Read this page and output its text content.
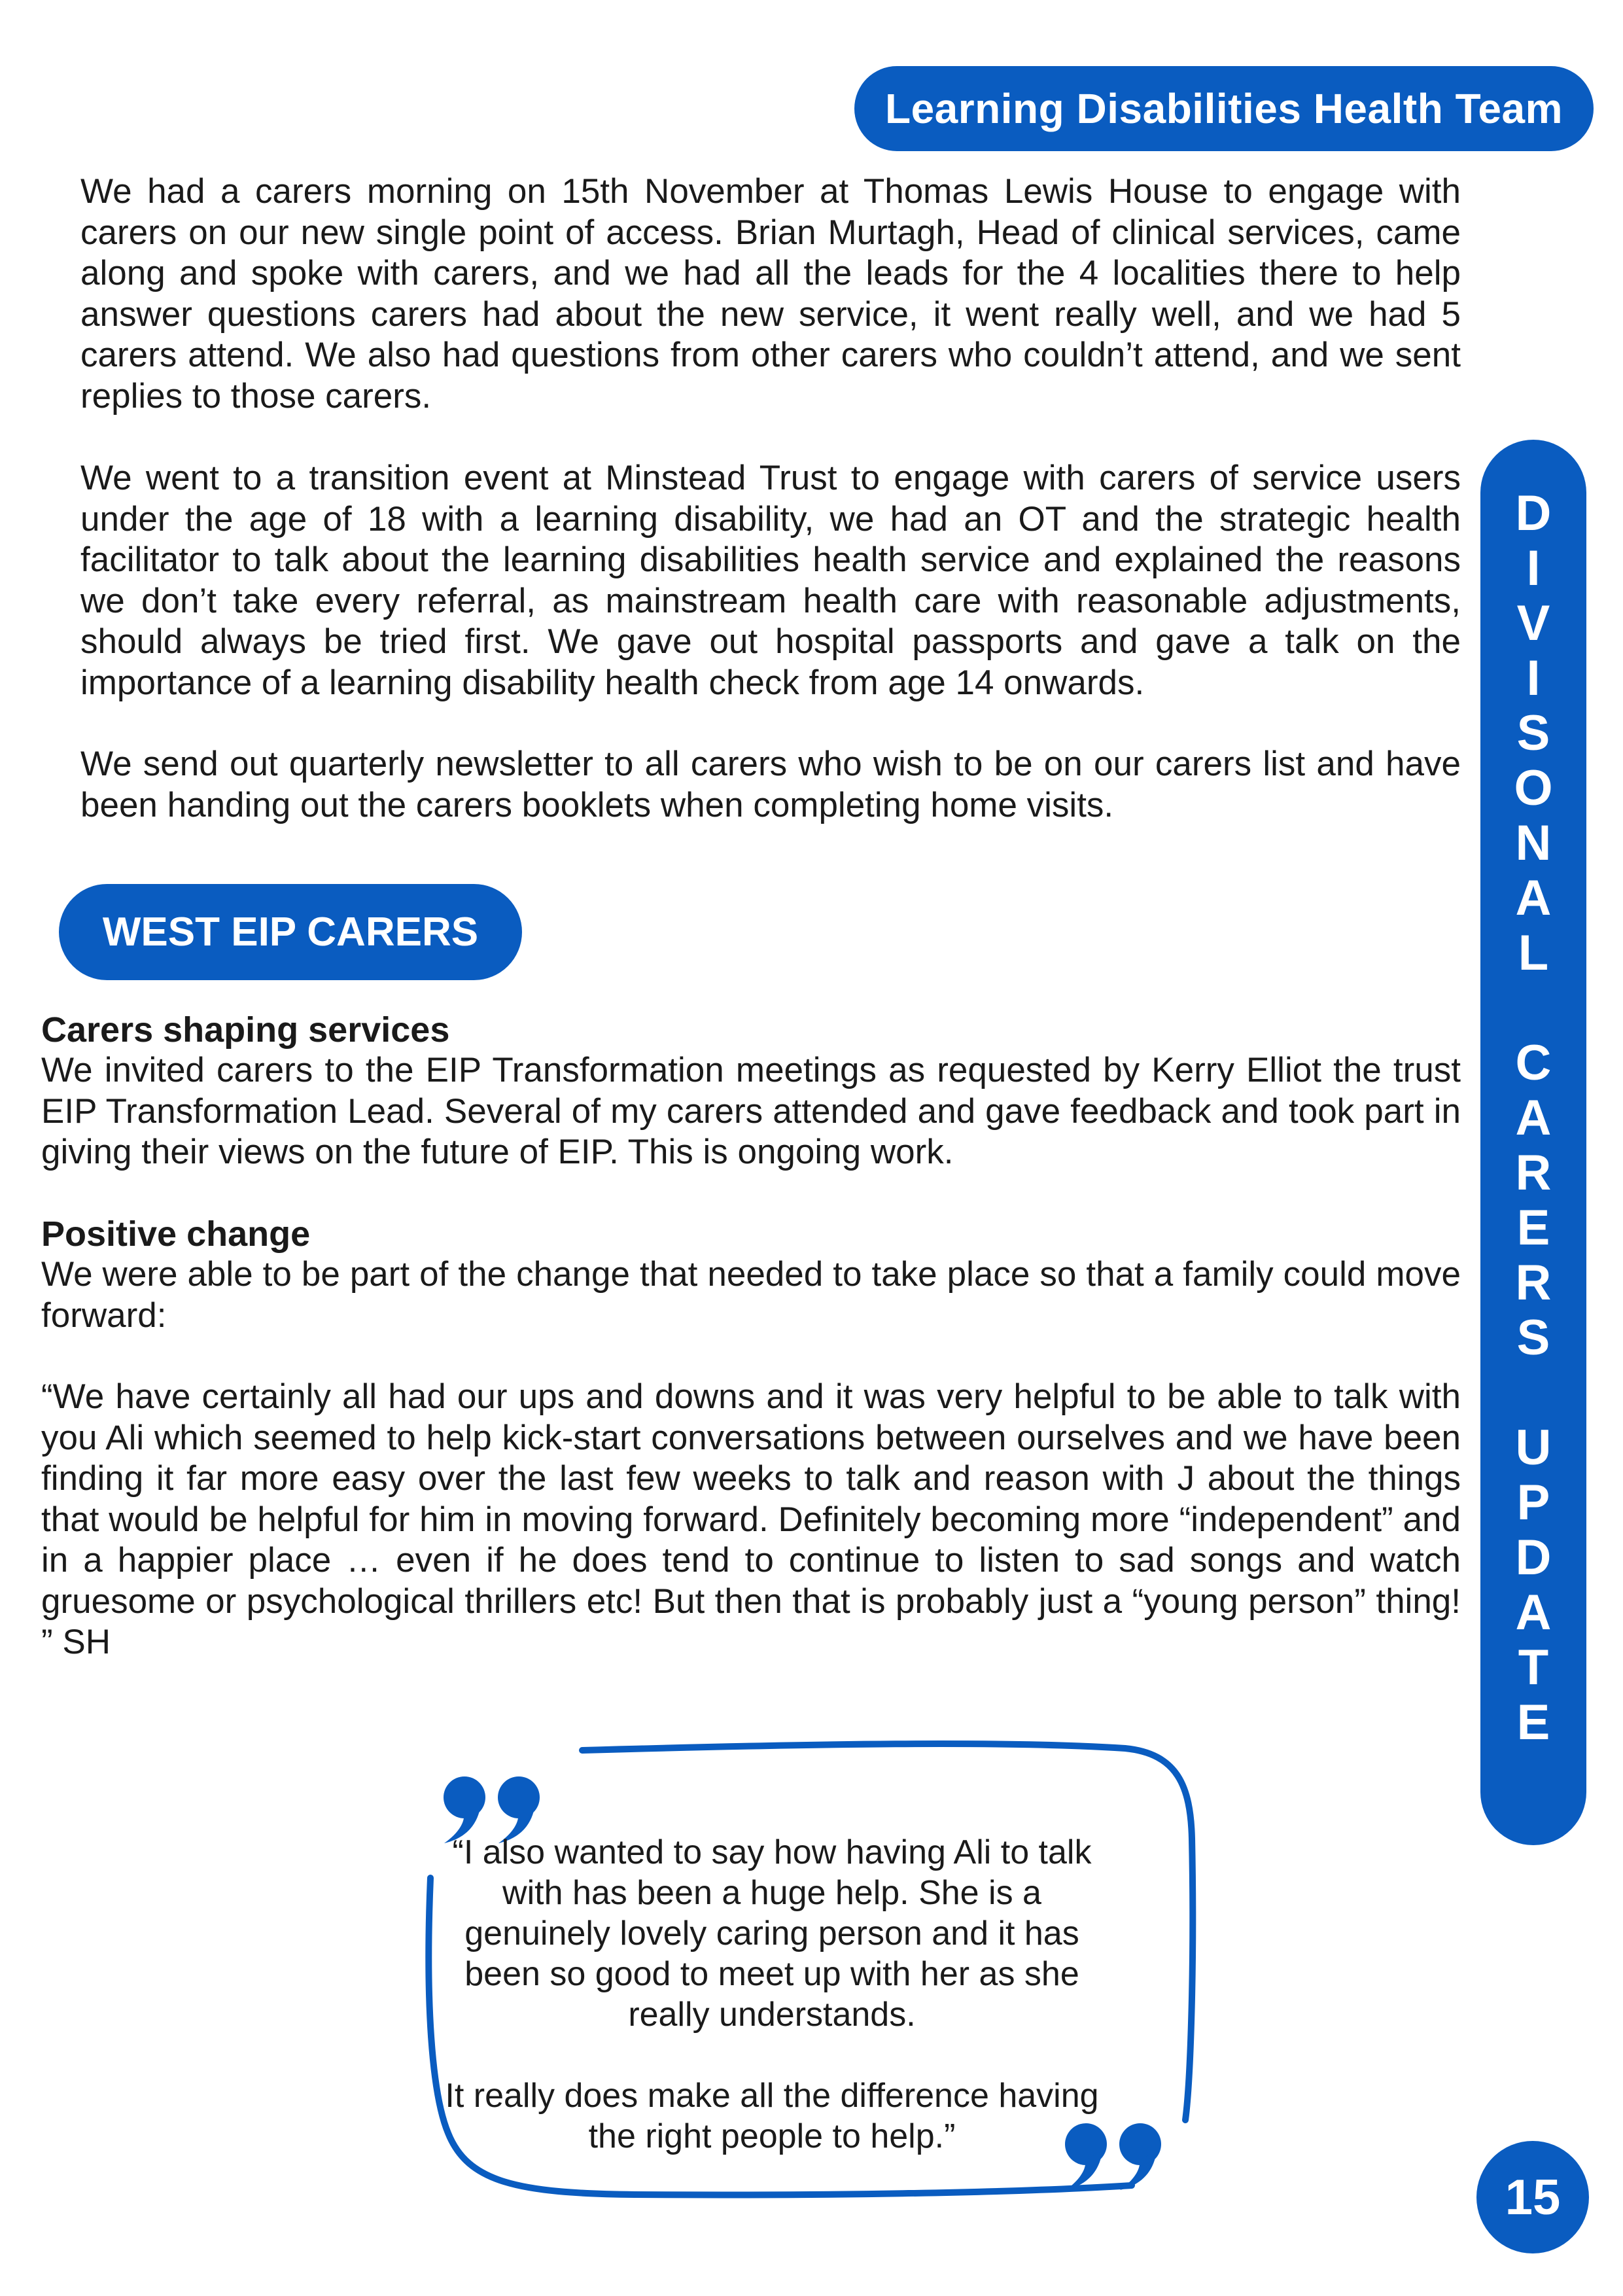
Learning Disabilities Health Team
D
I
V
I
S
O
N
A
L
C
A
R
E
R
S
U
P
D
A
T
E

We had a carers morning on 15th November at Thomas Lewis House to engage with carers on our new single point of access. Brian Murtagh, Head of clinical services, came along and spoke with carers, and we had all the leads for the 4 localities there to help answer questions carers had about the new service, it went really well, and we had 5 carers attend. We also had questions from other carers who couldn’t attend, and we sent replies to those carers.

We went to a transition event at Minstead Trust to engage with carers of service users under the age of 18 with a learning disability, we had an OT and the strategic health facilitator to talk about the learning disabilities health service and explained the reasons we don’t take every referral, as mainstream health care with reasonable adjustments, should always be tried first. We gave out hospital passports and gave a talk on the importance of a learning disability health check from age 14 onwards.

We send out quarterly newsletter to all carers who wish to be on our carers list and have been handing out the carers booklets when completing home visits.

WEST EIP CARERS
Carers shaping services

We invited carers to the EIP Transformation meetings as requested by Kerry Elliot the trust EIP Transformation Lead. Several of my carers attended and gave feedback and took part in giving their views on the future of EIP. This is ongoing work.

Positive change

We were able to be part of the change that needed to take place so that a family could move forward:

“We have certainly all had our ups and downs and it was very helpful to be able to talk with you Ali which seemed to help kick-start conversations between ourselves and we have been finding it far more easy over the last few weeks to talk and reason with J about the things that would be helpful for him in moving forward. Definitely becoming more “independent” and in a happier place … even if he does tend to continue to listen to sad songs and watch gruesome or psychological thrillers etc! But then that is probably just a “young person” thing! ” SH

“I also wanted to say how having Ali to talk with has been a huge help. She is a genuinely lovely caring person and it has been so good to meet up with her as she really understands.

It really does make all the difference having the right people to help.”

15
